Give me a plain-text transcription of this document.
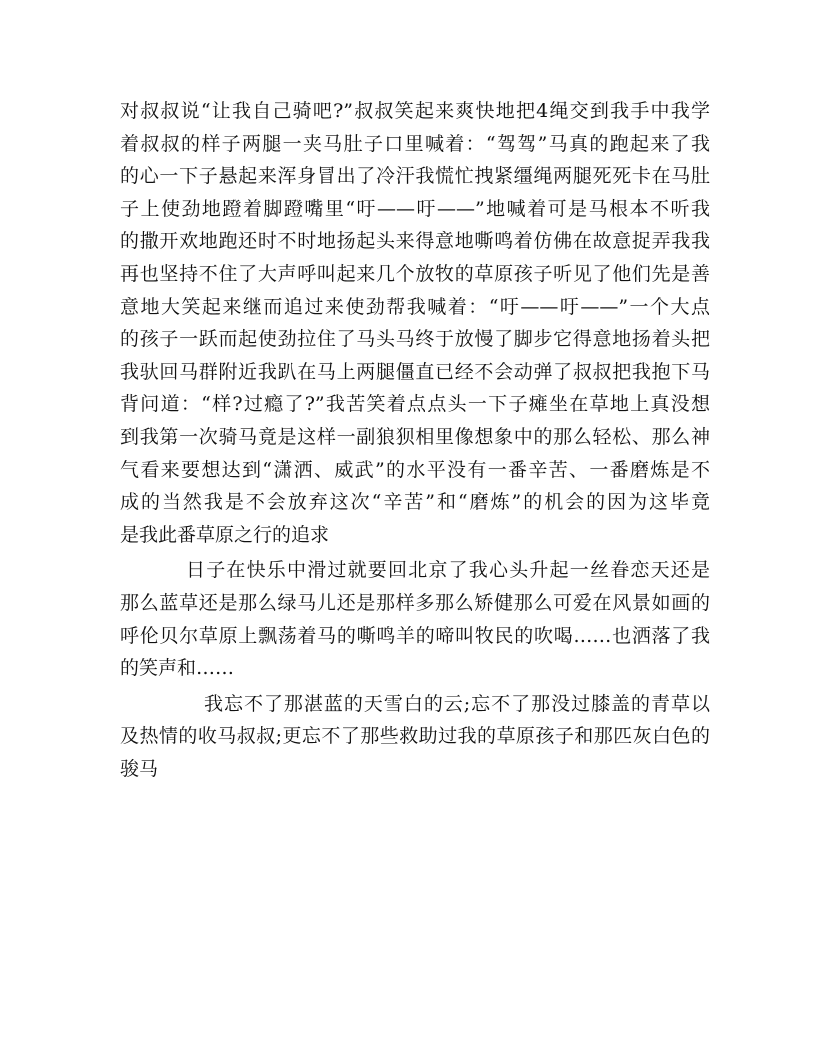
对叔叔说“让我自己骑吧?”叔叔笑起来爽快地把4绳交到我手中我学
着叔叔的样子两腿一夹马肚子口里喊着：“驾驾”马真的跑起来了我
的心一下子悬起来浑身冒出了冷汗我慌忙拽紧缰绳两腿死死卡在马肚
子上使劲地蹬着脚蹬嘴里“吁——吁——”地喊着可是马根本不听我
的撒开欢地跑还时不时地扬起头来得意地嘶鸣着仿佛在故意捉弄我我
再也坚持不住了大声呼叫起来几个放牧的草原孩子听见了他们先是善
意地大笑起来继而追过来使劲帮我喊着：“吁——吁——”一个大点
的孩子一跃而起使劲拉住了马头马终于放慢了脚步它得意地扬着头把
我驮回马群附近我趴在马上两腿僵直已经不会动弹了叔叔把我抱下马
背问道：“样?过瘾了?”我苦笑着点点头一下子瘫坐在草地上真没想
到我第一次骑马竟是这样一副狼狈相里像想象中的那么轻松、那么神
气看来要想达到“潇洒、威武”的水平没有一番辛苦、一番磨炼是不
成的当然我是不会放弃这次“辛苦”和“磨炼”的机会的因为这毕竟
是我此番草原之行的追求
日子在快乐中滑过就要回北京了我心头升起一丝眷恋天还是
那么蓝草还是那么绿马儿还是那样多那么矫健那么可爱在风景如画的
呼伦贝尔草原上飘荡着马的嘶鸣羊的啼叫牧民的吹喝……也洒落了我
的笑声和……
我忘不了那湛蓝的天雪白的云;忘不了那没过膝盖的青草以
及热情的收马叔叔;更忘不了那些救助过我的草原孩子和那匹灰白色的
骏马
